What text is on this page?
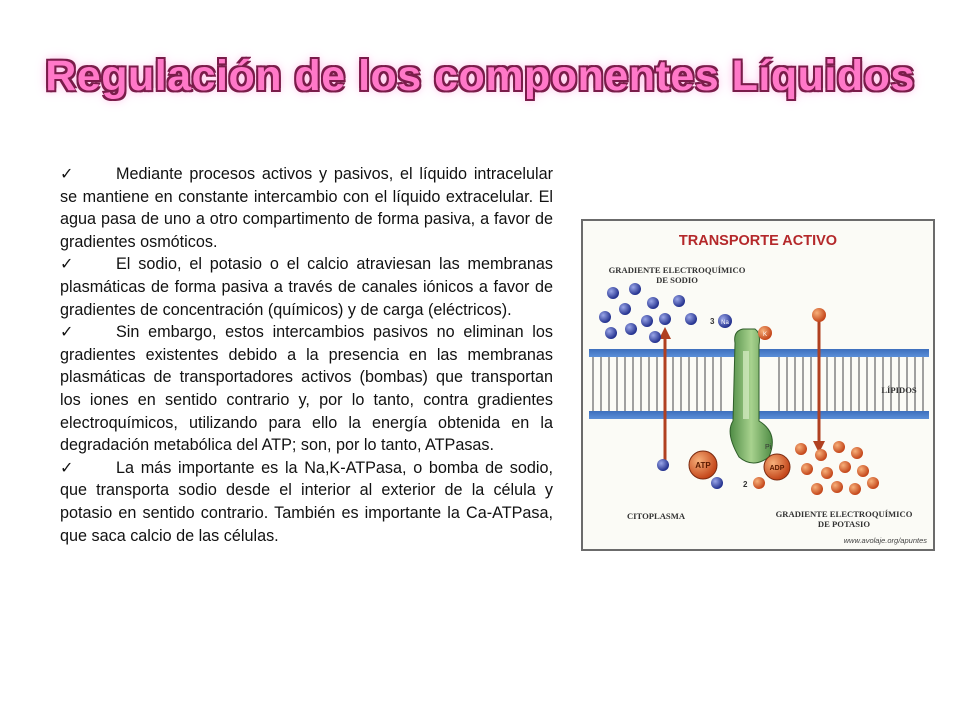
Regulación de los componentes Líquidos

✓	Mediante procesos activos y pasivos, el líquido intracelular se mantiene en constante intercambio con el líquido extracelular. El agua pasa de uno a otro compartimento de forma pasiva, a favor de gradientes osmóticos.

✓	El sodio, el potasio o el calcio atraviesan las membranas plasmáticas de forma pasiva a través de canales iónicos a favor de gradientes de concentración (químicos) y de carga (eléctricos).

✓	Sin embargo, estos intercambios pasivos no eliminan los gradientes existentes debido a la presencia en las membranas plasmáticas de transportadores activos (bombas) que transportan los iones en sentido contrario y, por lo tanto, contra gradientes electroquímicos, utilizando para ello la energía obtenida en la degradación metabólica del ATP; son, por lo tanto, ATPasas.

✓	La más importante es la Na,K-ATPasa, o bomba de sodio, que transporta sodio desde el interior al exterior de la célula y potasio en sentido contrario. También es importante la Ca-ATPasa, que saca calcio de las células.

Na
3
K
ATP	ADP
Pi
2
TRANSPORTE ACTIVO
GRADIENTE ELECTROQUÍMICO
DE SODIO
LÍPIDOS
CITOPLASMA	GRADIENTE ELECTROQUÍMICO
DE POTASIO
www.avolaje.org/apuntes
